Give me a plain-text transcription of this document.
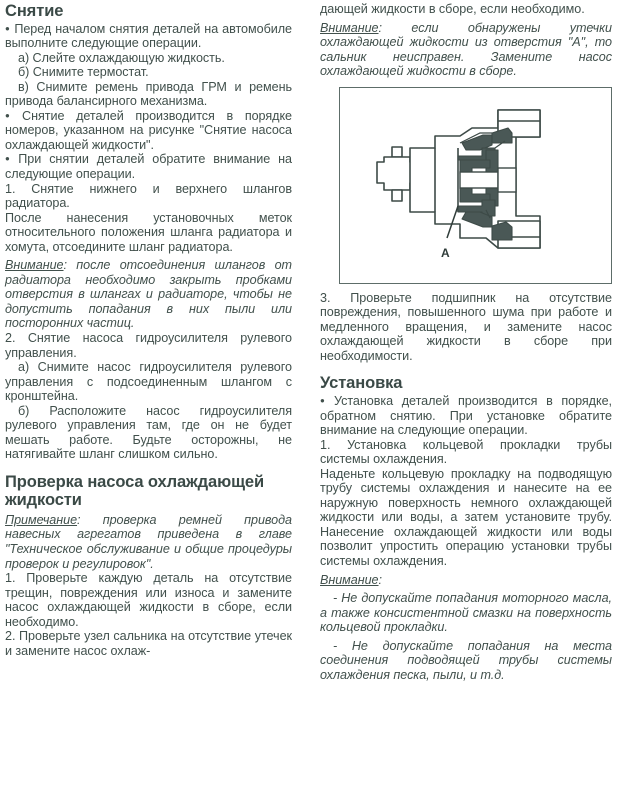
Снятие

● Перед началом снятия деталей на автомобиле выполните следующие операции.

а) Слейте охлаждающую жидкость.

б) Снимите термостат.

в) Снимите ремень привода ГРМ и ремень привода балансирного механизма.

● Снятие деталей производится в порядке номеров, указанном на рисунке "Снятие насоса охлаждающей жидкости".

● При снятии деталей обратите внимание на следующие операции.

1. Снятие нижнего и верхнего шлангов радиатора.

После нанесения установочных меток относительного положения шланга радиатора и хомута, отсоедините шланг радиатора.

Внимание: после отсоединения шлангов от радиатора необходимо закрыть пробками отверстия в шлангах и радиаторе, чтобы не допустить попадания в них пыли или посторонних частиц.

2. Снятие насоса гидроусилителя рулевого управления.

а) Снимите насос гидроусилителя рулевого управления с подсоединенным шлангом с кронштейна.

б) Расположите насос гидроусилителя рулевого управления там, где он не будет мешать работе. Будьте осторожны, не натягивайте шланг слишком сильно.

Проверка насоса охлаждающей жидкости

Примечание: проверка ремней привода навесных агрегатов приведена в главе "Техническое обслуживание и общие процедуры проверок и регулировок".

1. Проверьте каждую деталь на отсутствие трещин, повреждения или износа и замените насос охлаждающей жидкости в сборе, если необходимо.

2. Проверьте узел сальника на отсутствие утечек и замените насос охлаж-

дающей жидкости в сборе, если необходимо.

Внимание: если обнаружены утечки охлаждающей жидкости из отверстия "А", то сальник неисправен. Замените насос охлаждающей жидкости в сборе.

A

3. Проверьте подшипник на отсутствие повреждения, повышенного шума при работе и медленного вращения, и замените насос охлаждающей жидкости в сборе при необходимости.

Установка

● Установка деталей производится в порядке, обратном снятию. При установке обратите внимание на следующие операции.

1. Установка кольцевой прокладки трубы системы охлаждения.

Наденьте кольцевую прокладку на подводящую трубу системы охлаждения и нанесите на ее наружную поверхность немного охлаждающей жидкости или воды, а затем установите трубу. Нанесение охлаждающей жидкости или воды позволит упростить операцию установки трубы системы охлаждения.

Внимание:

- Не допускайте попадания моторного масла, а также консистентной смазки на поверхность кольцевой прокладки.

- Не допускайте попадания на места соединения подводящей трубы системы охлаждения песка, пыли, и т.д.
